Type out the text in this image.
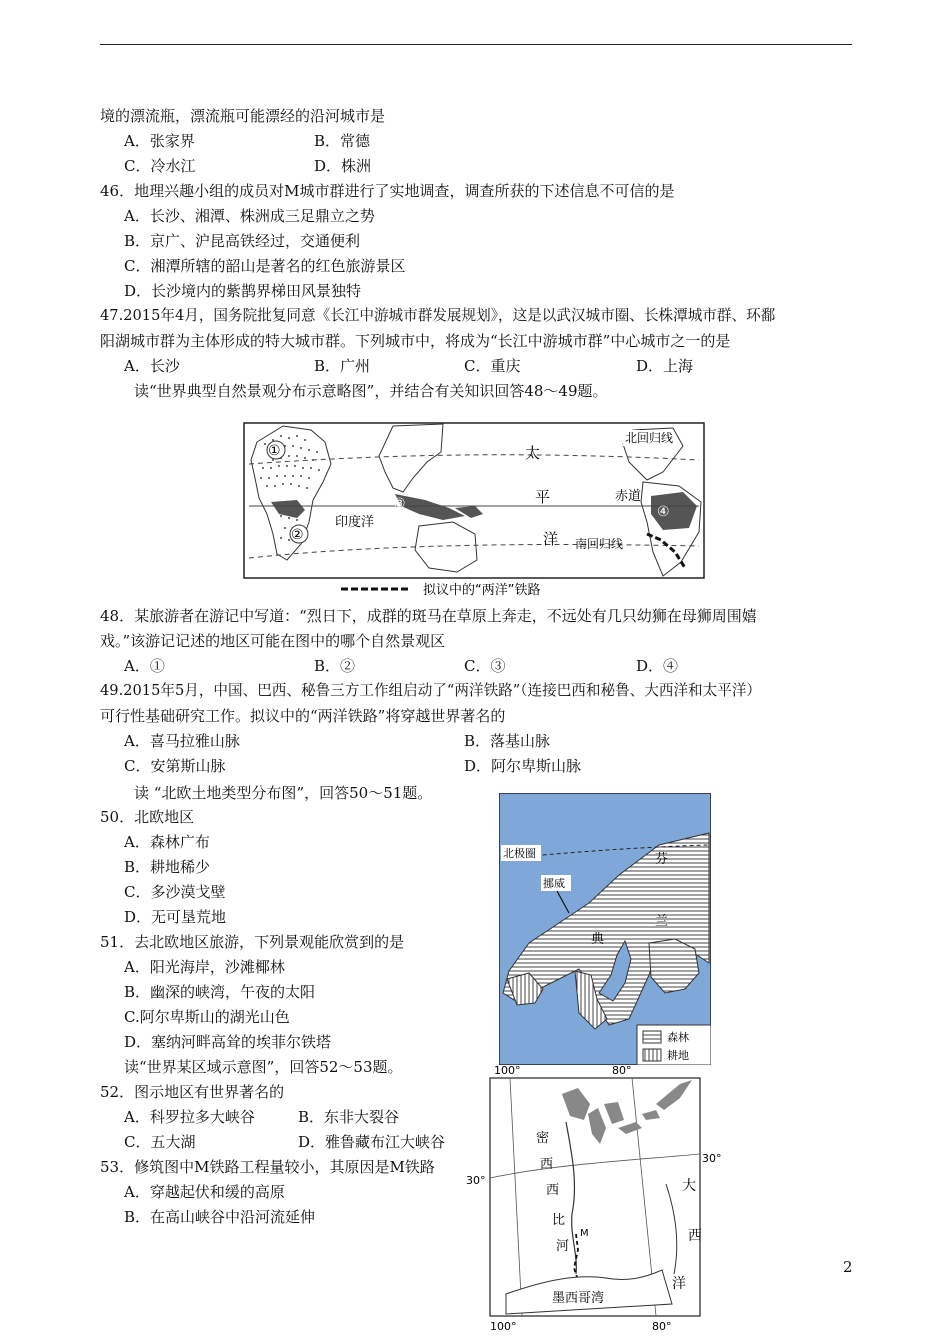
境的漂流瓶，漂流瓶可能漂经的沿河城市是
A．张家界	B．常德
C．冷水江	D．株洲
46．地理兴趣小组的成员对M城市群进行了实地调查，调查所获的下述信息不可信的是
A．长沙、湘潭、株洲成三足鼎立之势
B．京广、沪昆高铁经过，交通便利
C．湘潭所辖的韶山是著名的红色旅游景区
D．长沙境内的紫鹊界梯田风景独特
47.2015年4月，国务院批复同意《长江中游城市群发展规划》，这是以武汉城市圈、长株潭城市群、环鄱
阳湖城市群为主体形成的特大城市群。下列城市中，将成为“长江中游城市群”中心城市之一的是
A．长沙	B．广州	C．重庆	D．上海
读“世界典型自然景观分布示意略图”，并结合有关知识回答48～49题。
北回归线
赤道
南回归线
印度洋
太
平
洋
①
②
③	④
拟议中的“两洋”铁路
48．某旅游者在游记中写道：“烈日下，成群的斑马在草原上奔走，不远处有几只幼狮在母狮周围嬉
戏。”该游记记述的地区可能在图中的哪个自然景观区
A．①	B．②	C．③	D．④
49.2015年5月，中国、巴西、秘鲁三方工作组启动了“两洋铁路”（连接巴西和秘鲁、大西洋和太平洋）
可行性基础研究工作。拟议中的“两洋铁路”将穿越世界著名的
A．喜马拉雅山脉	B．落基山脉
C．安第斯山脉	D．阿尔卑斯山脉
读 “北欧土地类型分布图”，回答50～51题。
50．北欧地区
A．森林广布
B．耕地稀少
C．多沙漠戈壁
D．无可垦荒地
51．去北欧地区旅游，下列景观能欣赏到的是
A．阳光海岸，沙滩椰林
B．幽深的峡湾，午夜的太阳
C.阿尔卑斯山的湖光山色
D．塞纳河畔高耸的埃菲尔铁塔
北极圈
挪威
芬
兰
典
森林
耕地
读“世界某区域示意图”，回答52～53题。
52．图示地区有世界著名的
A．科罗拉多大峡谷	B．东非大裂谷
C．五大湖	D．雅鲁藏布江大峡谷
53．修筑图中M铁路工程量较小，其原因是M铁路
A．穿越起伏和缓的高原
B．在高山峡谷中沿河流延伸
100°	80°
100°	80°
30°
30°
密
西
西
比
河
M
大
西
洋
墨西哥湾
2
